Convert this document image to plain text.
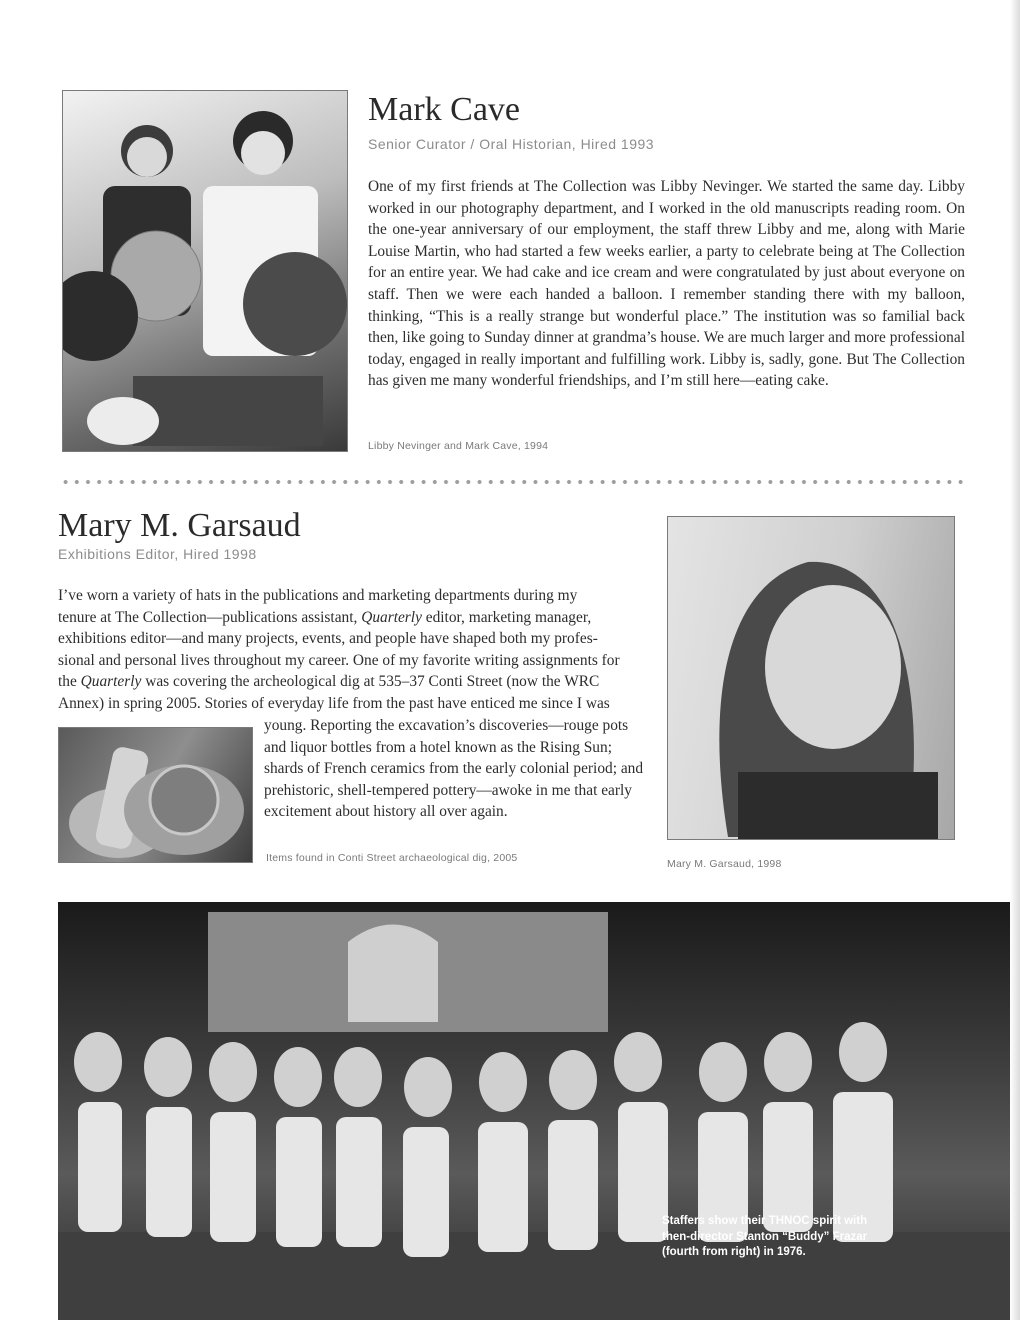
Mark Cave
Senior Curator / Oral Historian, Hired 1993

One of my first friends at The Collection was Libby Nevinger. We started the same day. Libby worked in our photography department, and I worked in the old manuscripts reading room. On the one-year anniversary of our employment, the staff threw Libby and me, along with Marie Louise Martin, who had started a few weeks earlier, a party to celebrate being at The Collection for an entire year. We had cake and ice cream and were congratulated by just about everyone on staff. Then we were each handed a balloon. I remember standing there with my balloon, thinking, “This is a really strange but wonderful place.” The institution was so familial back then, like going to Sunday dinner at grandma’s house. We are much larger and more professional today, engaged in really important and fulfilling work. Libby is, sadly, gone. But The Collection has given me many wonderful friendships, and I’m still here—eating cake.

Libby Nevinger and Mark Cave, 1994
Mary M. Garsaud
Exhibitions Editor, Hired 1998
I’ve worn a variety of hats in the publications and marketing departments during my
tenure at The Collection—publications assistant, Quarterly editor, marketing manager,
exhibitions editor—and many projects, events, and people have shaped both my profes-
sional and personal lives throughout my career. One of my favorite writing assignments for
the Quarterly was covering the archeological dig at 535–37 Conti Street (now the WRC
Annex) in spring 2005. Stories of everyday life from the past have enticed me since I was

young. Reporting the excavation’s discoveries—rouge pots and liquor bottles from a hotel known as the Rising Sun; shards of French ceramics from the early colonial period; and prehistoric, shell-tempered pottery—awoke in me that early excitement about history all over again.

Items found in Conti Street archaeological dig, 2005	Mary M. Garsaud, 1998
Staffers show their THNOC spirit with then-director Stanton “Buddy” Frazar (fourth from right) in 1976.
